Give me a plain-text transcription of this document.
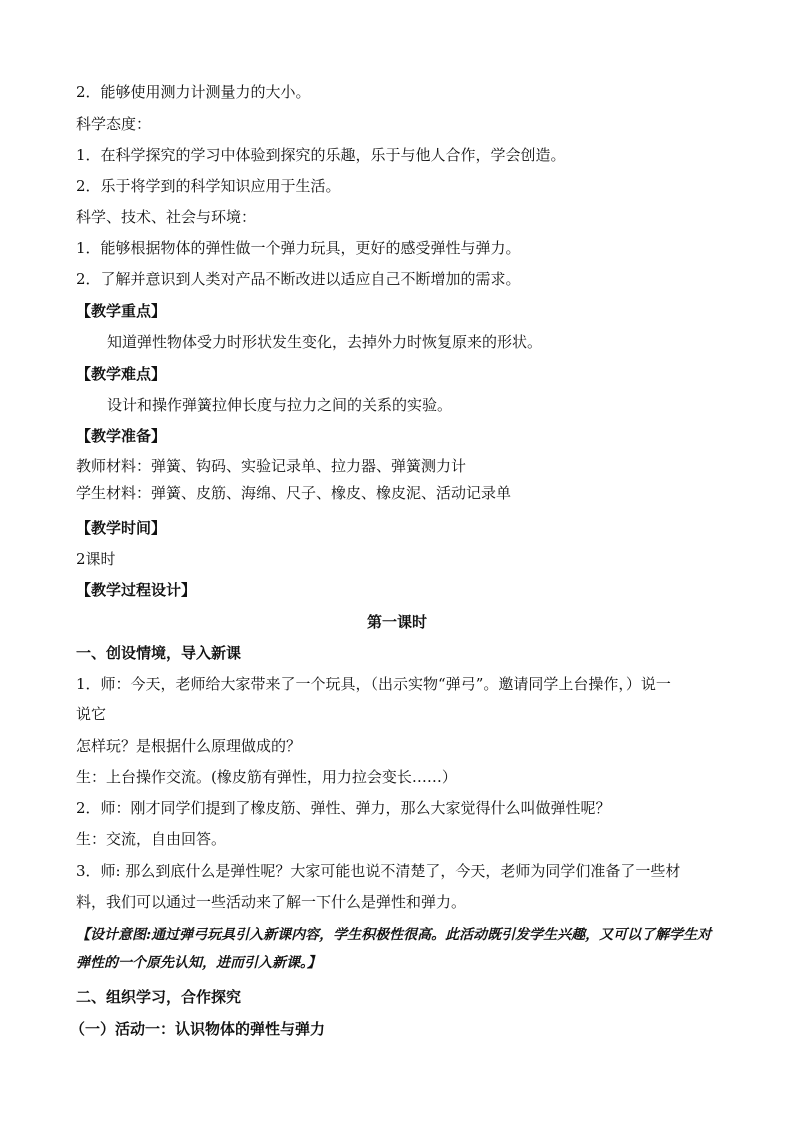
2．能够使用测力计测量力的大小。
科学态度：
1．在科学探究的学习中体验到探究的乐趣，乐于与他人合作，学会创造。
2．乐于将学到的科学知识应用于生活。
科学、技术、社会与环境：
1．能够根据物体的弹性做一个弹力玩具，更好的感受弹性与弹力。
2．了解并意识到人类对产品不断改进以适应自己不断增加的需求。
【教学重点】
知道弹性物体受力时形状发生变化，去掉外力时恢复原来的形状。
【教学难点】
设计和操作弹簧拉伸长度与拉力之间的关系的实验。
【教学准备】
教师材料：弹簧、钩码、实验记录单、拉力器、弹簧测力计
学生材料：弹簧、皮筋、海绵、尺子、橡皮、橡皮泥、活动记录单
【教学时间】
2课时
【教学过程设计】
第一课时
一、创设情境，导入新课
1．师：今天，老师给大家带来了一个玩具，（出示实物“弹弓”。邀请同学上台操作，）说一
说它
怎样玩？是根据什么原理做成的？
生：上台操作交流。(橡皮筋有弹性，用力拉会变长……）
2．师：刚才同学们提到了橡皮筋、弹性、弹力，那么大家觉得什么叫做弹性呢？
生：交流，自由回答。
3．师: 那么到底什么是弹性呢？大家可能也说不清楚了，今天，老师为同学们准备了一些材
料，我们可以通过一些活动来了解一下什么是弹性和弹力。
【设计意图:通过弹弓玩具引入新课内容，学生积极性很高。此活动既引发学生兴趣，又可以了解学生对弹性的一个原先认知，进而引入新课。】
二、组织学习，合作探究
（一）活动一：认识物体的弹性与弹力
